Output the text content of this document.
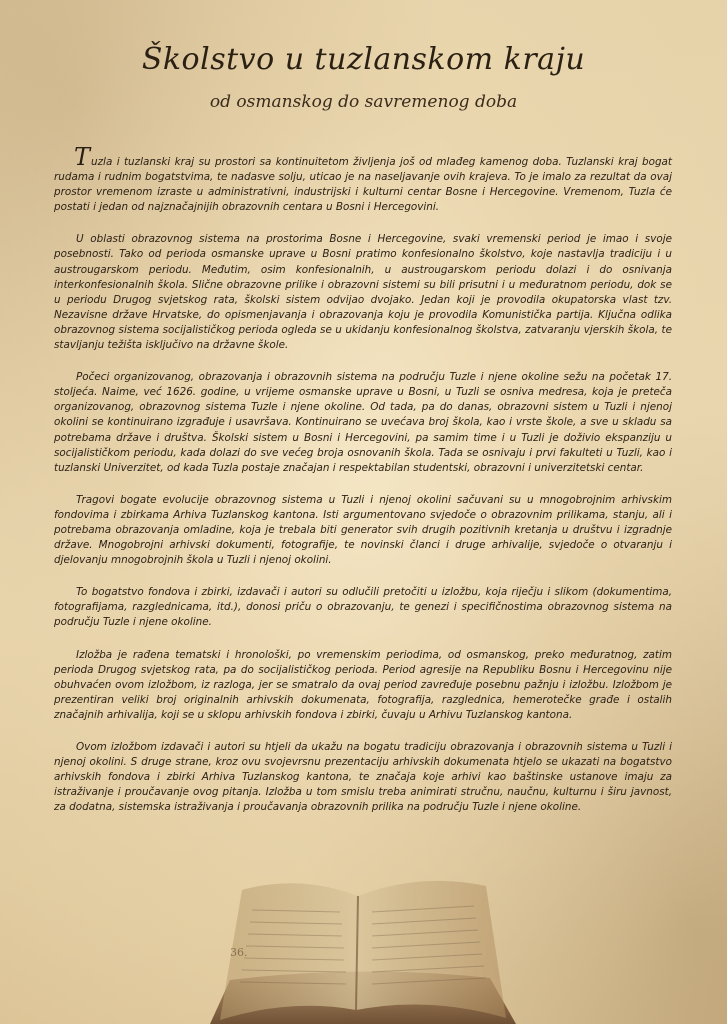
Školstvo u tuzlanskom kraju
od osmanskog do savremenog doba

Tuzla i tuzlanski kraj su prostori sa kontinuitetom življenja još od mlađeg kamenog doba. Tuzlanski kraj bogat rudama i rudnim bogatstvima, te nadasve solju, uticao je na naseljavanje ovih krajeva. To je imalo za rezultat da ovaj prostor vremenom izraste u administrativni, industrijski i kulturni centar Bosne i Hercegovine. Vremenom, Tuzla će postati i jedan od najznačajnijih obrazovnih centara u Bosni i Hercegovini.

U oblasti obrazovnog sistema na prostorima Bosne i Hercegovine, svaki vremenski period je imao i svoje posebnosti. Tako od perioda osmanske uprave u Bosni pratimo konfesionalno školstvo, koje nastavlja tradiciju i u austrougarskom periodu. Međutim, osim konfesionalnih, u austrougarskom periodu dolazi i do osnivanja interkonfesionalnih škola. Slične obrazovne prilike i obrazovni sistemi su bili prisutni i u međuratnom periodu, dok se u periodu Drugog svjetskog rata, školski sistem odvijao dvojako. Jedan koji je provodila okupatorska vlast tzv. Nezavisne države Hrvatske, do opismenjavanja i obrazovanja koju je provodila Komunistička partija. Ključna odlika obrazovnog sistema socijalističkog perioda ogleda se u ukidanju konfesionalnog školstva, zatvaranju vjerskih škola, te stavljanju težišta isključivo na državne škole.

Počeci organizovanog, obrazovanja i obrazovnih sistema na području Tuzle i njene okoline sežu na početak 17. stoljeća. Naime, već 1626. godine, u vrijeme osmanske uprave u Bosni, u Tuzli se osniva medresa, koja je preteča organizovanog, obrazovnog sistema Tuzle i njene okoline. Od tada, pa do danas, obrazovni sistem u Tuzli i njenoj okolini se kontinuirano izgrađuje i usavršava. Kontinuirano se uvećava broj škola, kao i vrste škole, a sve u skladu sa potrebama države i društva. Školski sistem u Bosni i Hercegovini, pa samim time i u Tuzli je doživio ekspanziju u socijalističkom periodu, kada dolazi do sve većeg broja osnovanih škola. Tada se osnivaju i prvi fakulteti u Tuzli, kao i tuzlanski Univerzitet, od kada Tuzla postaje značajan i respektabilan studentski, obrazovni i univerzitetski centar.

Tragovi bogate evolucije obrazovnog sistema u Tuzli i njenoj okolini sačuvani su u mnogobrojnim arhivskim fondovima i zbirkama Arhiva Tuzlanskog kantona. Isti argumentovano svjedoče o obrazovnim prilikama, stanju, ali i potrebama obrazovanja omladine, koja je trebala biti generator svih drugih pozitivnih kretanja u društvu i izgradnje države. Mnogobrojni arhivski dokumenti, fotografije, te novinski članci i druge arhivalije, svjedoče o otvaranju i djelovanju mnogobrojnih škola u Tuzli i njenoj okolini.

To bogatstvo fondova i zbirki, izdavači i autori su odlučili pretočiti u izložbu, koja riječju i slikom (dokumentima, fotografijama, razglednicama, itd.), donosi priču o obrazovanju, te genezi i specifičnostima obrazovnog sistema na području Tuzle i njene okoline.

Izložba je rađena tematski i hronološki, po vremenskim periodima, od osmanskog, preko međuratnog, zatim perioda Drugog svjetskog rata, pa do socijalističkog perioda. Period agresije na Republiku Bosnu i Hercegovinu nije obuhvaćen ovom izložbom, iz razloga, jer se smatralo da ovaj period zavređuje posebnu pažnju i izložbu. Izložbom je prezentiran veliki broj originalnih arhivskih dokumenata, fotografija, razglednica, hemerotečke građe i ostalih značajnih arhivalija, koji se u sklopu arhivskih fondova i zbirki, čuvaju u Arhivu Tuzlanskog kantona.

Ovom izložbom izdavači i autori su htjeli da ukažu na bogatu tradiciju obrazovanja i obrazovnih sistema u Tuzli i njenoj okolini. S druge strane, kroz ovu svojevrsnu prezentaciju arhivskih dokumenata htjelo se ukazati na bogatstvo arhivskih fondova i zbirki Arhiva Tuzlanskog kantona, te značaja koje arhivi kao baštinske ustanove imaju za istraživanje i proučavanje ovog pitanja. Izložba u tom smislu treba animirati stručnu, naučnu, kulturnu i širu javnost, za dodatna, sistemska istraživanja i proučavanja obrazovnih prilika na području Tuzle i njene okoline.

36.
